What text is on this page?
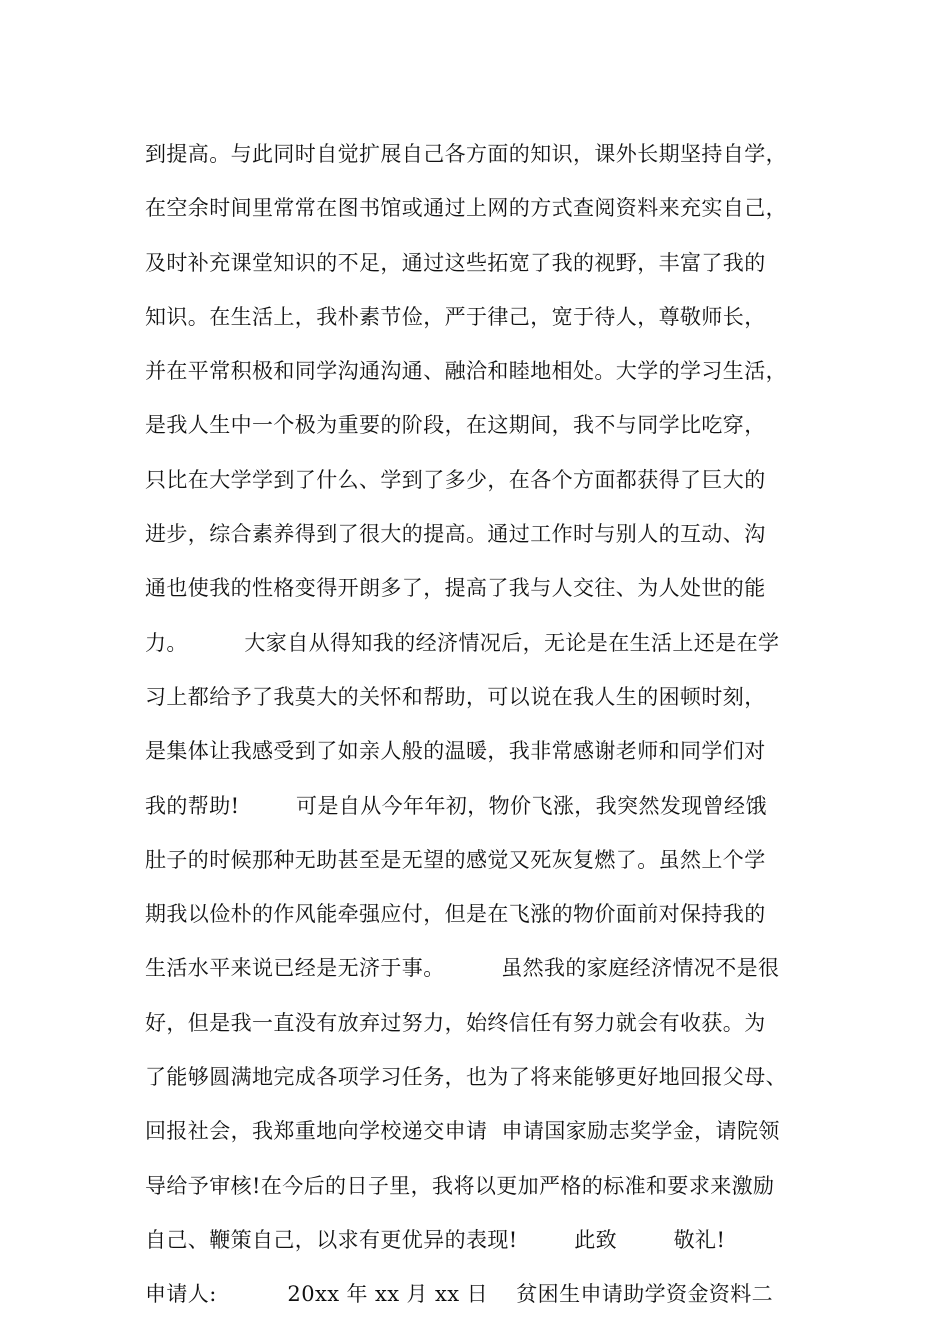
到提高。与此同时自觉扩展自己各方面的知识，课外长期坚持自学，
在空余时间里常常在图书馆或通过上网的方式查阅资料来充实自己，
及时补充课堂知识的不足，通过这些拓宽了我的视野，丰富了我的
知识。在生活上，我朴素节俭，严于律己，宽于待人，尊敬师长，
并在平常积极和同学沟通沟通、融洽和睦地相处。大学的学习生活，
是我人生中一个极为重要的阶段，在这期间，我不与同学比吃穿，
只比在大学学到了什么、学到了多少，在各个方面都获得了巨大的
进步，综合素养得到了很大的提高。通过工作时与别人的互动、沟
通也使我的性格变得开朗多了，提高了我与人交往、为人处世的能
力。        大家自从得知我的经济情况后，无论是在生活上还是在学
习上都给予了我莫大的关怀和帮助，可以说在我人生的困顿时刻，
是集体让我感受到了如亲人般的温暖，我非常感谢老师和同学们对
我的帮助!        可是自从今年年初，物价飞涨，我突然发现曾经饿
肚子的时候那种无助甚至是无望的感觉又死灰复燃了。虽然上个学
期我以俭朴的作风能牵强应付，但是在飞涨的物价面前对保持我的
生活水平来说已经是无济于事。        虽然我的家庭经济情况不是很
好，但是我一直没有放弃过努力，始终信任有努力就会有收获。为
了能够圆满地完成各项学习任务，也为了将来能够更好地回报父母、
回报社会，我郑重地向学校递交申请  申请国家励志奖学金，请院领
导给予审核!在今后的日子里，我将以更加严格的标准和要求来激励
自己、鞭策自己，以求有更优异的表现!        此致        敬礼!
申请人:          20xx 年 xx 月 xx 日    贫困生申请助学资金资料二
